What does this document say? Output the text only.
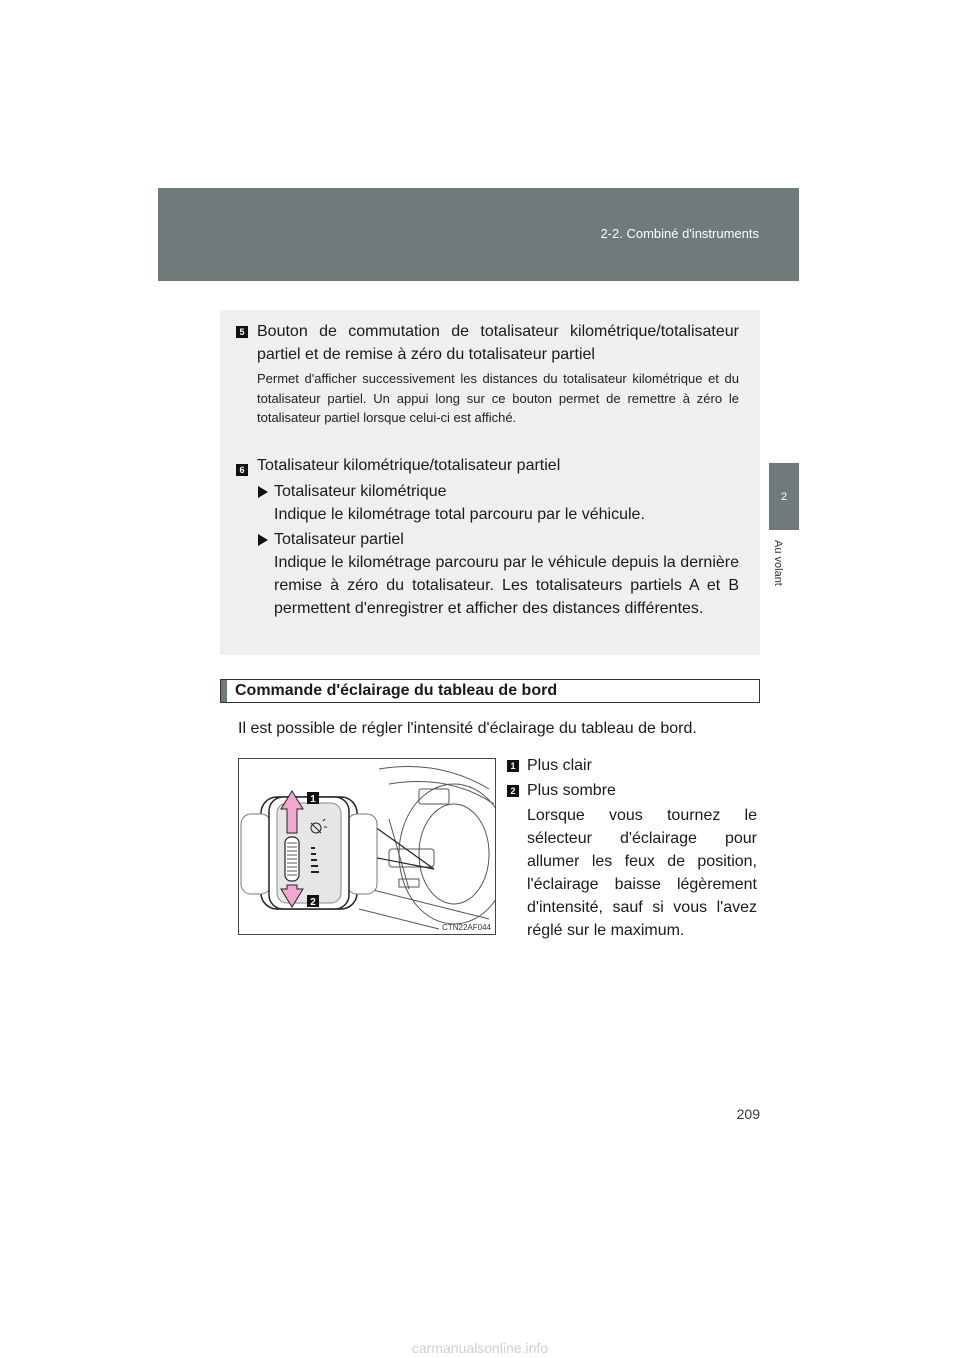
2-2. Combiné d'instruments
2
Au volant
5 Bouton de commutation de totalisateur kilométrique/totalisateur partiel et de remise à zéro du totalisateur partiel
Permet d'afficher successivement les distances du totalisateur kilométrique et du totalisateur partiel. Un appui long sur ce bouton permet de remettre à zéro le totalisateur partiel lorsque celui-ci est affiché.
6 Totalisateur kilométrique/totalisateur partiel
Totalisateur kilométrique
Indique le kilométrage total parcouru par le véhicule.
Totalisateur partiel
Indique le kilométrage parcouru par le véhicule depuis la dernière remise à zéro du totalisateur. Les totalisateurs partiels A et B permettent d'enregistrer et afficher des distances différentes.
Commande d'éclairage du tableau de bord
Il est possible de régler l'intensité d'éclairage du tableau de bord.
1
2
CTN22AF044
1 Plus clair
2 Plus sombre
Lorsque vous tournez le sélecteur d'éclairage pour allumer les feux de position, l'éclairage baisse légèrement d'intensité, sauf si vous l'avez réglé sur le maximum.
209
carmanualsonline.info
